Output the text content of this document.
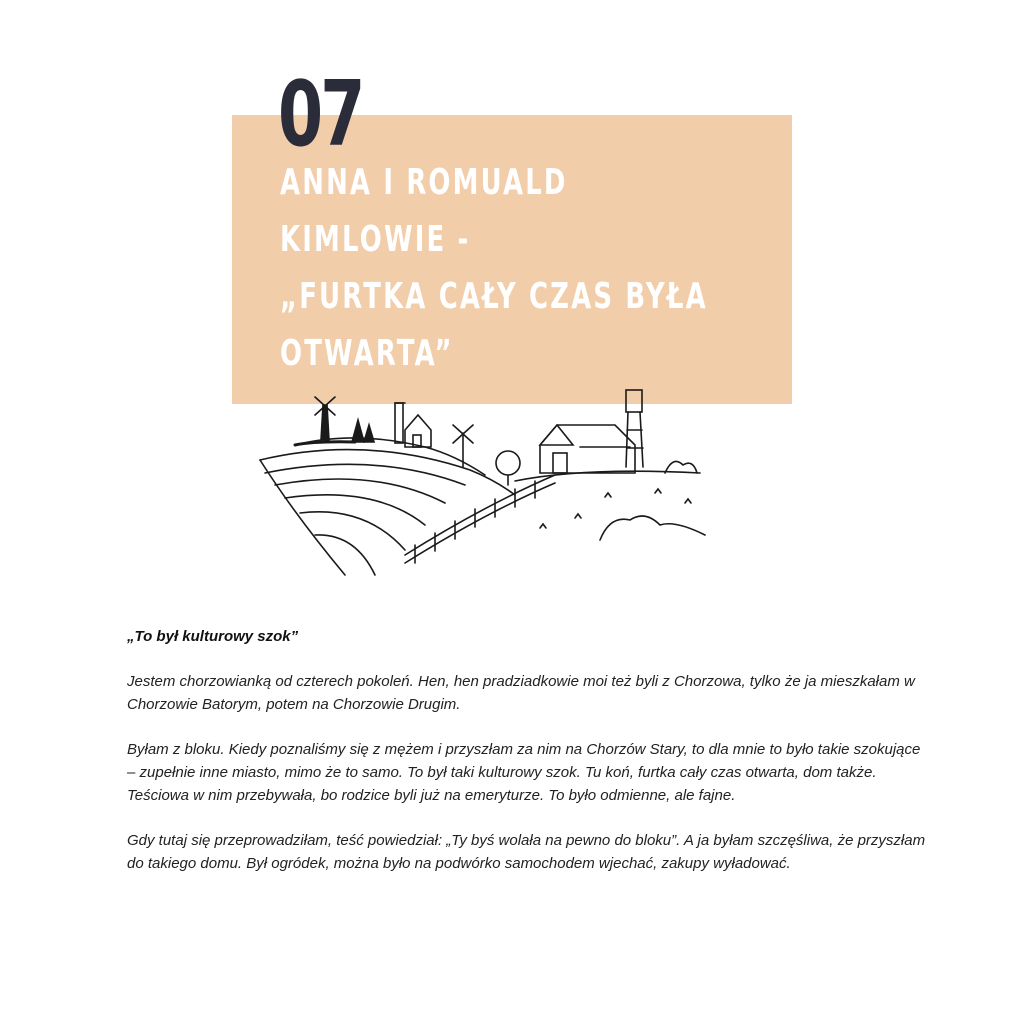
07
ANNA I ROMUALD
KIMLOWIE -
„FURTKA CAŁY CZAS BYŁA
OTWARTA”

„To był kulturowy szok”

Jestem chorzowianką od czterech pokoleń. Hen, hen pradziadkowie moi też byli z Chorzowa, tylko że ja mieszkałam w Chorzowie Batorym, potem na Chorzowie Drugim.

Byłam z bloku. Kiedy poznaliśmy się z mężem i przyszłam za nim na Chorzów Stary, to dla mnie to było takie szokujące – zupełnie inne miasto, mimo że to samo. To był taki kulturowy szok. Tu koń, furtka cały czas otwarta, dom także. Teściowa w nim przebywała, bo rodzice byli już na emeryturze. To było odmienne, ale fajne.

Gdy tutaj się przeprowadziłam, teść powiedział: „Ty byś wolała na pewno do bloku”. A ja byłam szczęśliwa, że przyszłam do takiego domu. Był ogródek, można było na podwórko samochodem wjechać, zakupy wyładować.
